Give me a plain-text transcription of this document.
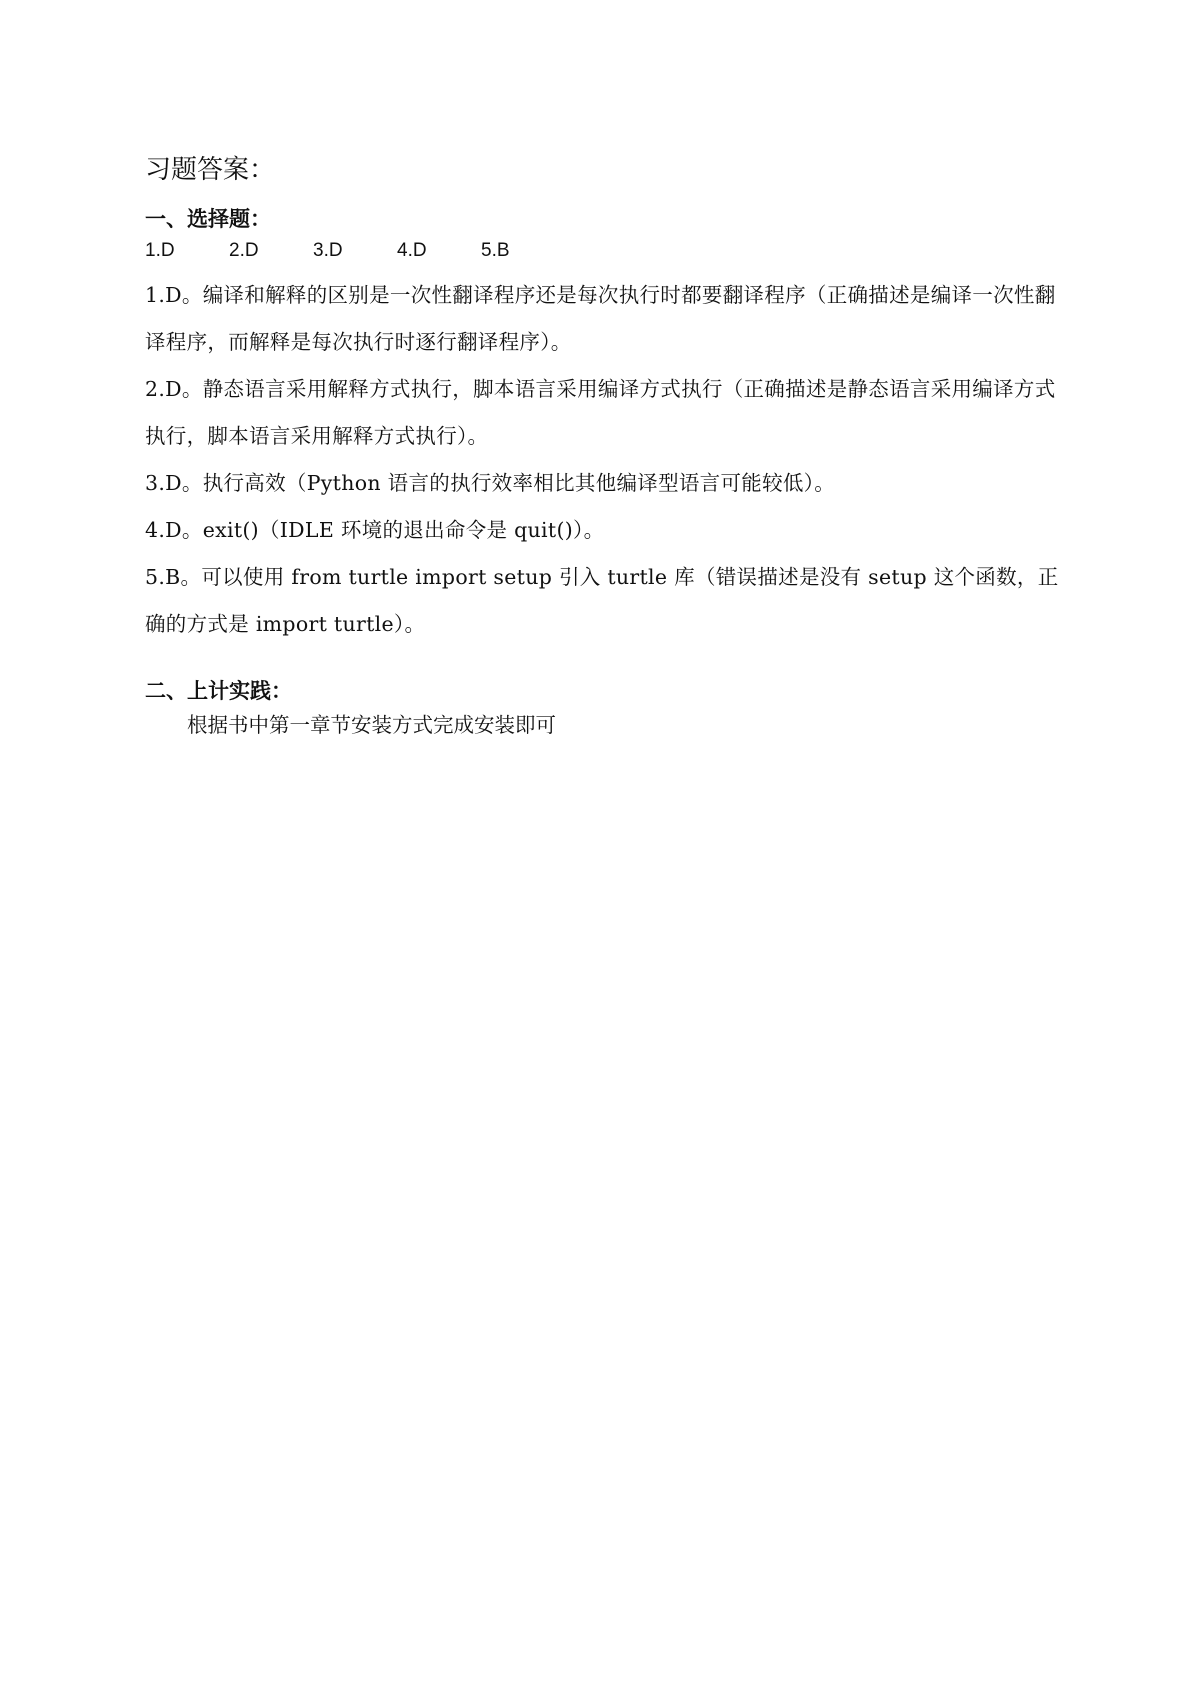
习题答案：
一、选择题：
1.D	2.D	3.D	4.D	5.B

1.D。编译和解释的区别是一次性翻译程序还是每次执行时都要翻译程序（正确描述是编译一次性翻译程序，而解释是每次执行时逐行翻译程序）。

2.D。静态语言采用解释方式执行，脚本语言采用编译方式执行（正确描述是静态语言采用编译方式执行，脚本语言采用解释方式执行）。

3.D。执行高效（Python 语言的执行效率相比其他编译型语言可能较低）。

4.D。exit()（IDLE 环境的退出命令是 quit()）。

5.B。可以使用 from turtle import setup 引入 turtle 库（错误描述是没有 setup 这个函数，正确的方式是 import turtle）。

二、上计实践：

根据书中第一章节安装方式完成安装即可
